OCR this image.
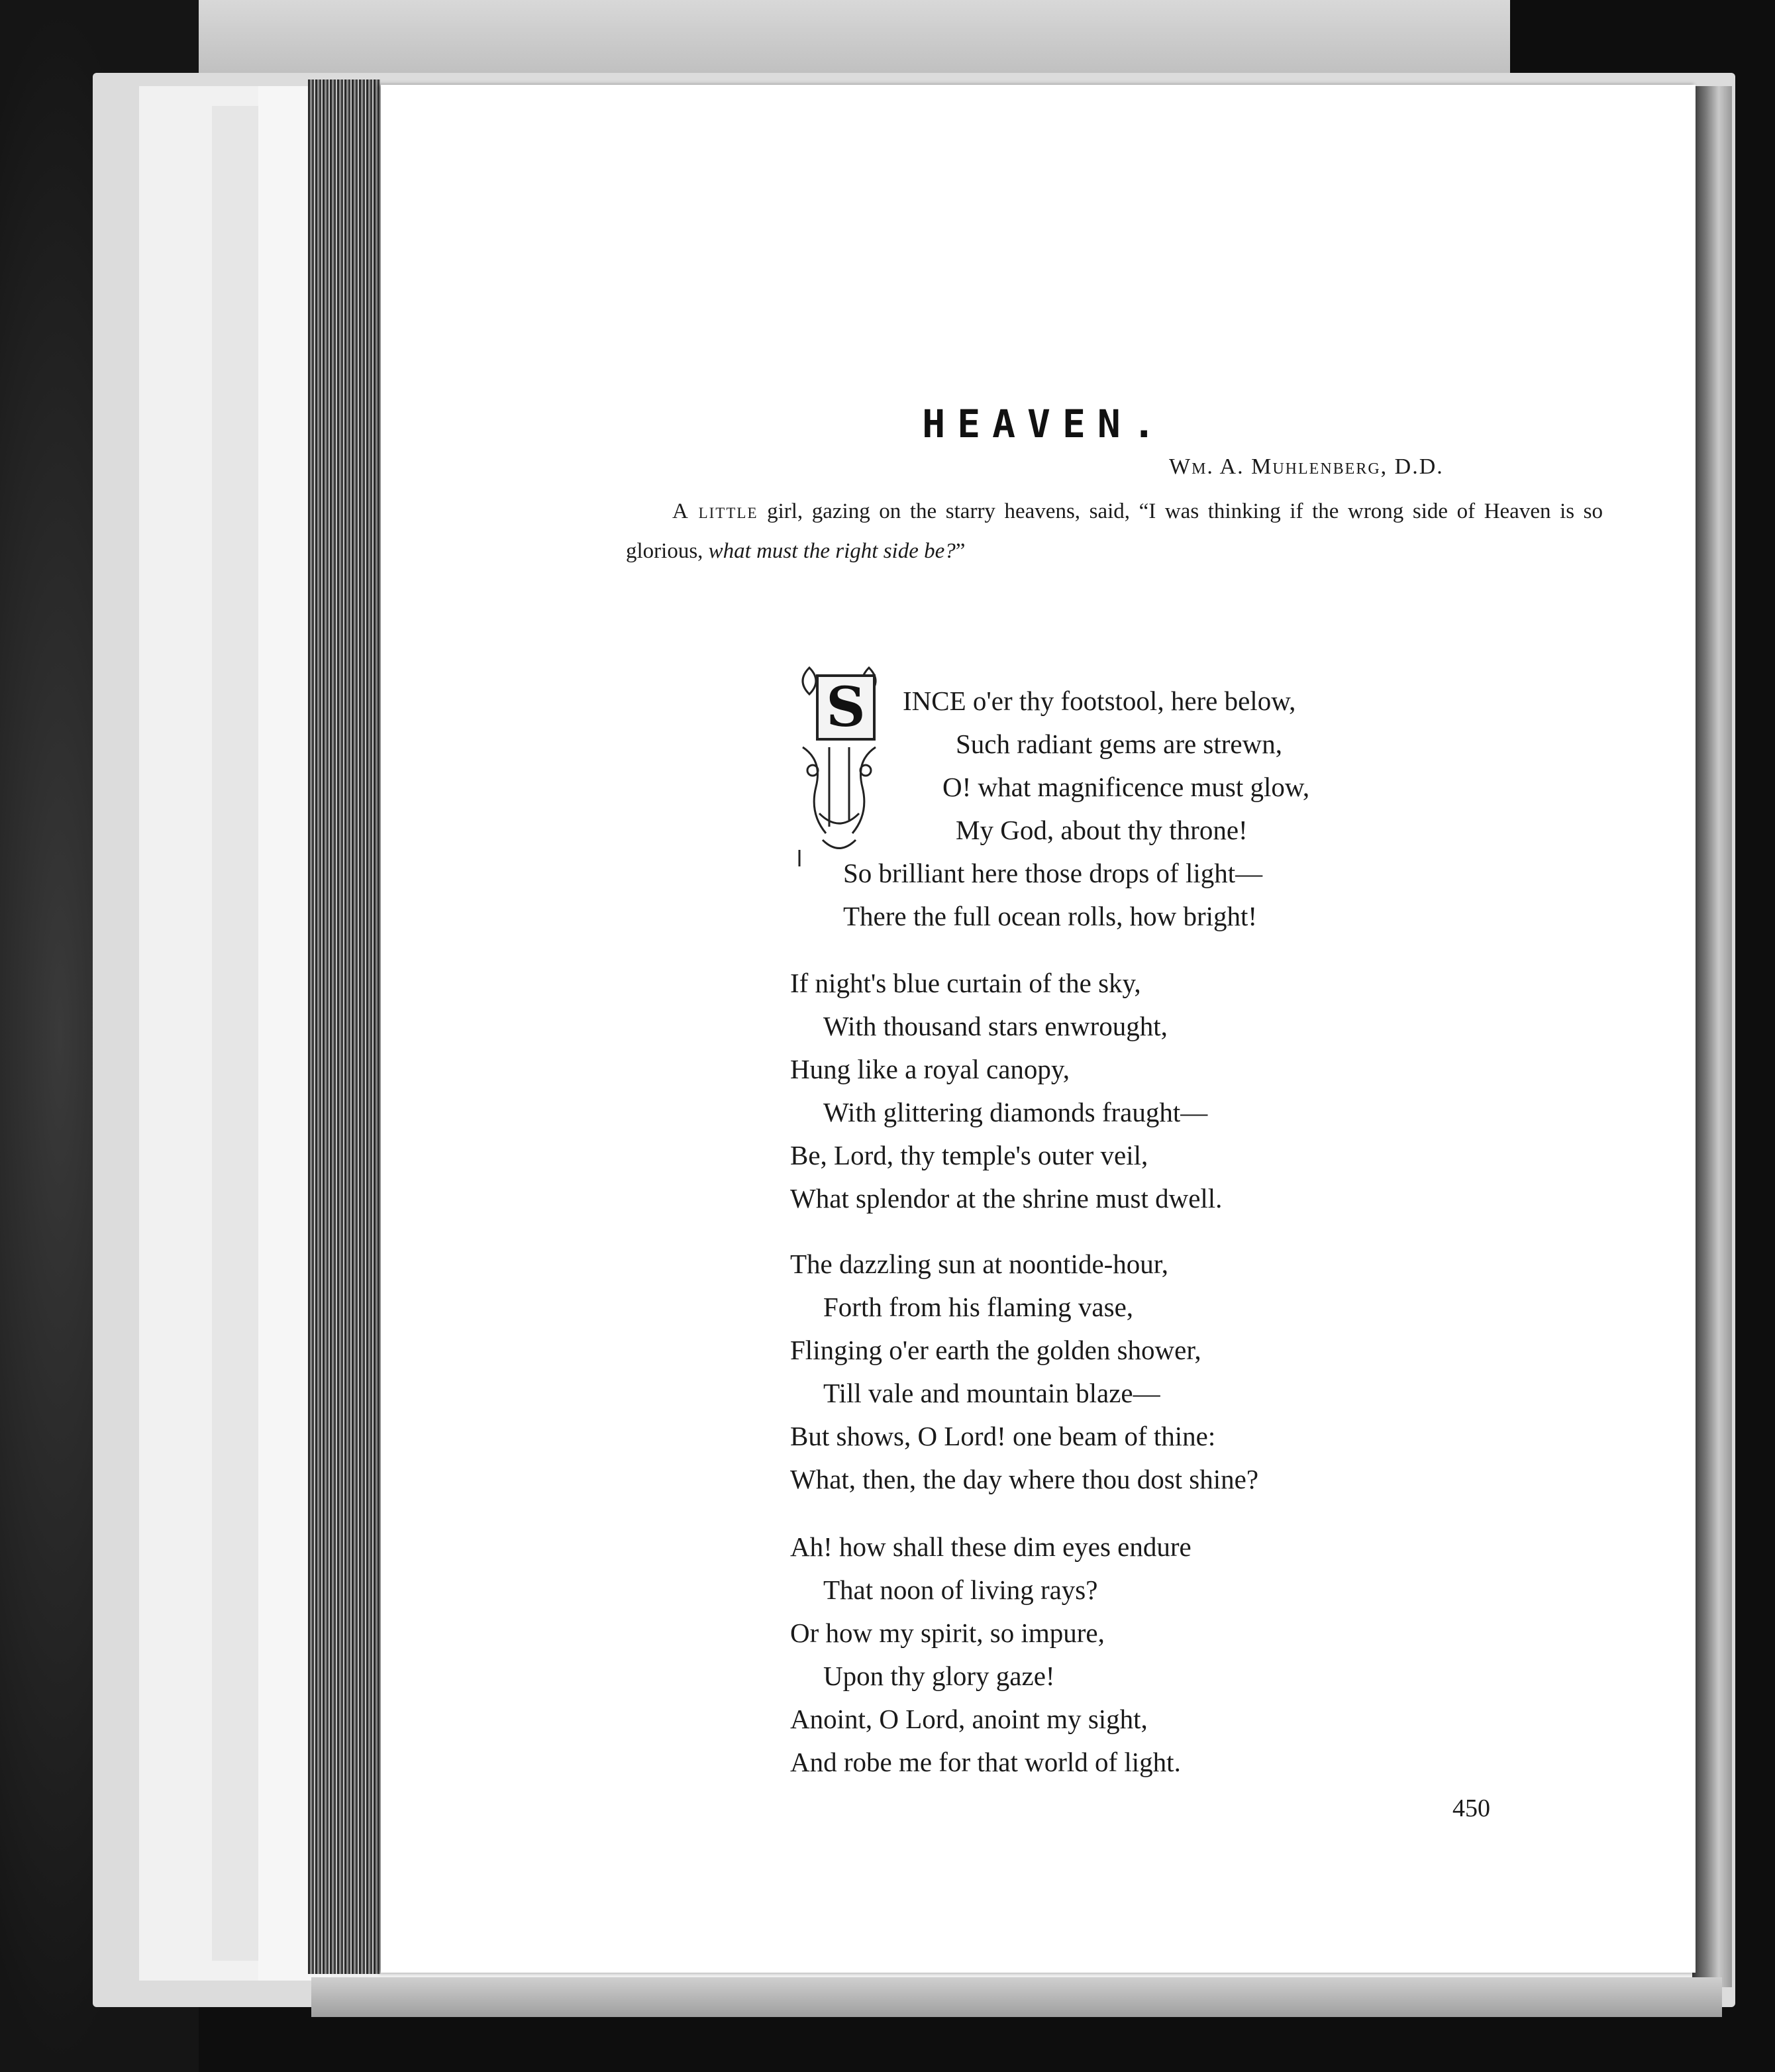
HEAVEN.
Wm. A. Muhlenberg, D.D.
A little girl, gazing on the starry heavens, said, “I was thinking if the wrong side of Heaven is so glorious, what must the right side be?”
S	INCE o'er thy footstool, here below,
Such radiant gems are strewn,
O! what magnificence must glow,
My God, about thy throne!
So brilliant here those drops of light—
There the full ocean rolls, how bright!
If night's blue curtain of the sky,
With thousand stars enwrought,
Hung like a royal canopy,
With glittering diamonds fraught—
Be, Lord, thy temple's outer veil,
What splendor at the shrine must dwell.
The dazzling sun at noontide-hour,
Forth from his flaming vase,
Flinging o'er earth the golden shower,
Till vale and mountain blaze—
But shows, O Lord! one beam of thine:
What, then, the day where thou dost shine?
Ah! how shall these dim eyes endure
That noon of living rays?
Or how my spirit, so impure,
Upon thy glory gaze!
Anoint, O Lord, anoint my sight,
And robe me for that world of light.
450
